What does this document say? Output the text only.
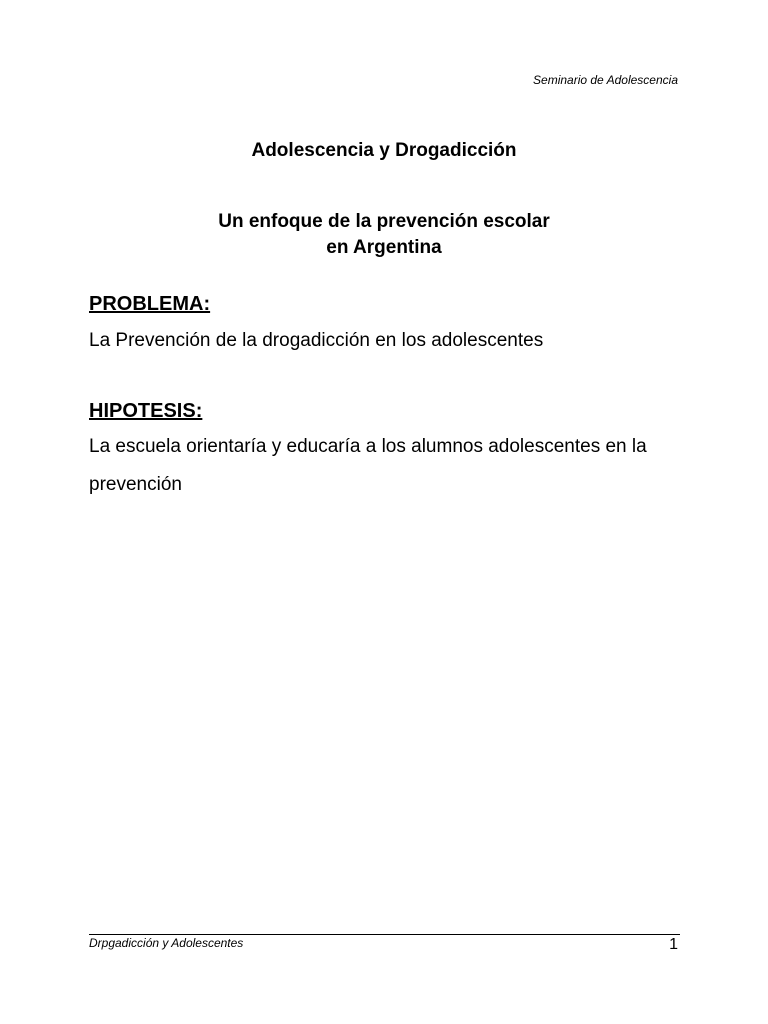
Seminario de Adolescencia
Adolescencia y Drogadicción
Un enfoque de la prevención escolar
en Argentina
PROBLEMA:
La Prevención de la drogadicción en los adolescentes
HIPOTESIS:
La escuela orientaría y educaría a los alumnos adolescentes en la prevención
Drpgadicción y Adolescentes	1
